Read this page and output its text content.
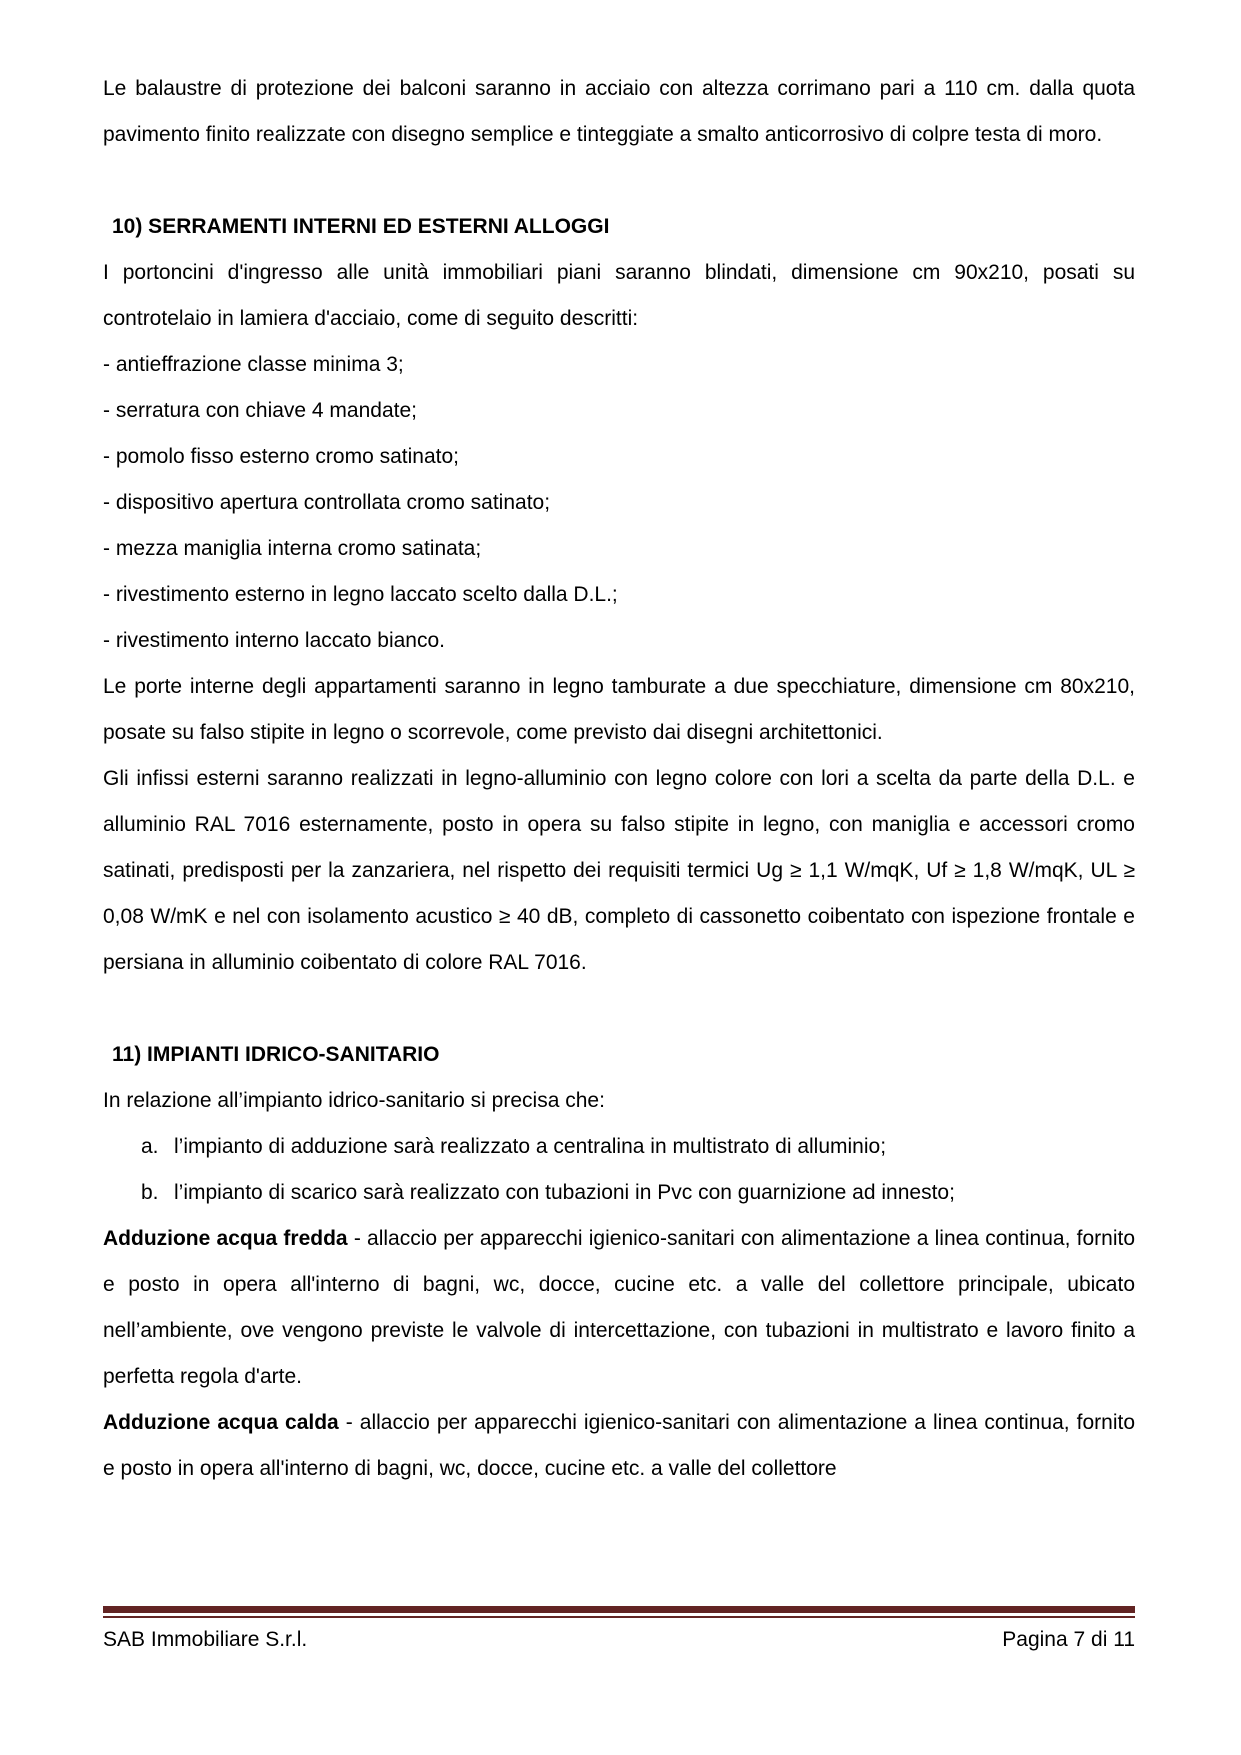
Le balaustre di protezione dei balconi saranno in acciaio con altezza corrimano pari a 110 cm. dalla quota pavimento finito realizzate con disegno semplice e tinteggiate a smalto anticorrosivo di colpre testa di moro.

10) SERRAMENTI INTERNI ED ESTERNI ALLOGGI

I portoncini d'ingresso alle unità immobiliari piani saranno blindati, dimensione cm 90x210, posati su controtelaio in lamiera d'acciaio, come di seguito descritti:

- antieffrazione classe minima 3;

- serratura con chiave 4 mandate;

- pomolo fisso esterno cromo satinato;

- dispositivo apertura controllata cromo satinato;

- mezza maniglia interna cromo satinata;

- rivestimento esterno in legno laccato scelto dalla D.L.;

- rivestimento interno laccato bianco.

Le porte interne degli appartamenti saranno in legno tamburate a due specchiature, dimensione cm 80x210, posate su falso stipite in legno o scorrevole, come previsto dai disegni architettonici.

Gli infissi esterni saranno realizzati in legno-alluminio con legno colore con lori a scelta da parte della D.L. e alluminio RAL 7016 esternamente, posto in opera su falso stipite in legno, con maniglia e accessori cromo satinati, predisposti per la zanzariera, nel rispetto dei requisiti termici Ug ≥ 1,1 W/mqK, Uf ≥ 1,8 W/mqK, UL ≥ 0,08 W/mK e nel con isolamento acustico ≥ 40 dB, completo di cassonetto coibentato con ispezione frontale e persiana in alluminio coibentato di colore RAL 7016.

11) IMPIANTI IDRICO-SANITARIO

In relazione all’impianto idrico-sanitario si precisa che:

a. l’impianto di adduzione sarà realizzato a centralina in multistrato di alluminio;

b. l’impianto di scarico sarà realizzato con tubazioni in Pvc con guarnizione ad innesto;

Adduzione acqua fredda - allaccio per apparecchi igienico-sanitari con alimentazione a linea continua, fornito e posto in opera all'interno di bagni, wc, docce, cucine etc. a valle del collettore principale, ubicato nell’ambiente, ove vengono previste le valvole di intercettazione, con tubazioni in multistrato e lavoro finito a perfetta regola d'arte.

Adduzione acqua calda - allaccio per apparecchi igienico-sanitari con alimentazione a linea continua, fornito e posto in opera all'interno di bagni, wc, docce, cucine etc. a valle del collettore

SAB Immobiliare S.r.l.	Pagina 7 di 11
